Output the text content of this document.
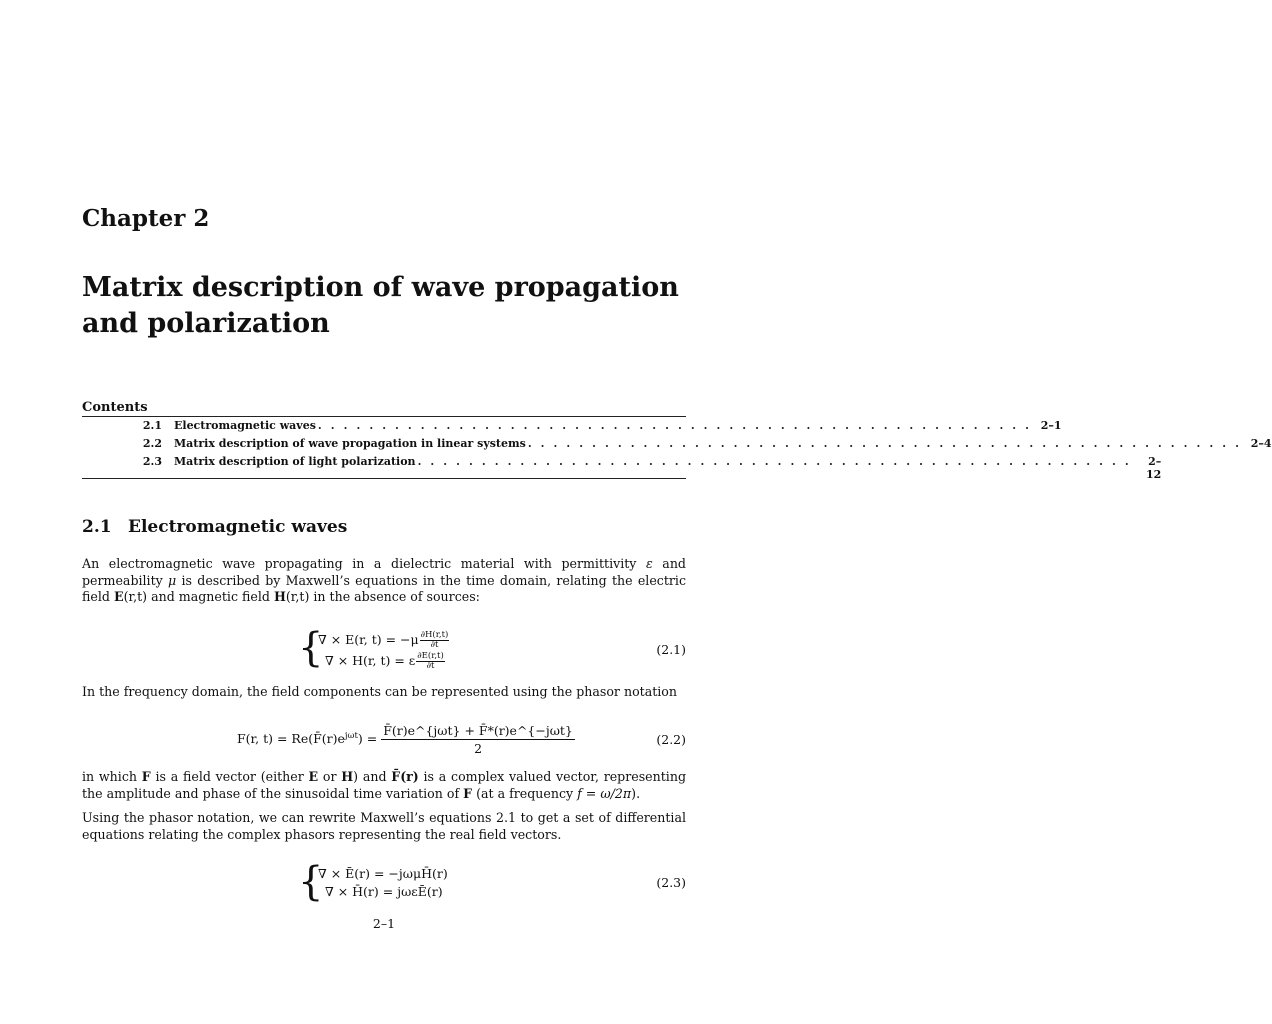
Chapter 2
Matrix description of wave propagation and polarization
Contents
2.1	Electromagnetic waves . . . . . . . . . . . . . . . . . . . . . . . . . . . . . . . . . . . . . . . . . . . . . . . . . . . . . . . . 2–1
2.2	Matrix description of wave propagation in linear systems . . . . . . . . . . . . . . . . . . . . . . . . . . . . . . . . . . . . . . . . . . . . . . . . . . . . . . . . 2–4
2.3	Matrix description of light polarization . . . . . . . . . . . . . . . . . . . . . . . . . . . . . . . . . . . . . . . . . . . . . . . . . . . . . . . .	2–12
2.1 Electromagnetic waves
An electromagnetic wave propagating in a dielectric material with permittivity ε and permeability μ is described by Maxwell’s equations in the time domain, relating the electric field E(r,t) and magnetic field H(r,t) in the absence of sources:
{
∇ × E(r, $t) = -\mu \frac{\partial H(r,t)}{\partial t}$
∇ × H(r, t) = ε $\frac{\partial E(r,t)}{\partial t}$
(2.1)
In the frequency domain, the field components can be represented using the phasor notation
F(r, $t) = Re(F̄(r)e^{j\omega t}) = \frac{\text{F̄(r)e\textasciicircum{}\{jωt\} + F̄*(r)e\textasciicircum{}\{−jωt\}}}{2}$	(2.2)
in which F is a field vector (either E or H) and F̄(r) is a complex valued vector, representing the amplitude and phase of the sinusoidal time variation of F (at a frequency f = ω/2π).
Using the phasor notation, we can rewrite Maxwell’s equations 2.1 to get a set of differential equations relating the complex phasors representing the real field vectors.
{
∇ × Ē(r) = −jωμH̄(r)
∇ × H̄(r) = jωεĒ(r)
(2.3)
2–1
